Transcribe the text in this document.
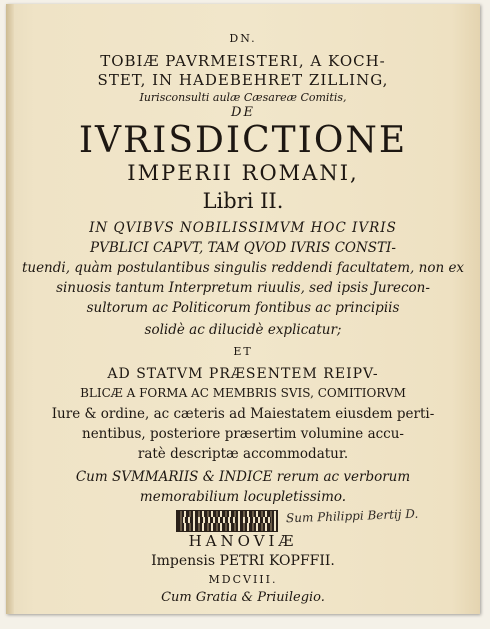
DN.
TOBIÆ PAVRMEISTERI, A KOCH-
STET, IN HADEBEHRET ZILLING,
Iurisconsulti aulæ Cæsareæ Comitis,
DE
IVRISDICTIONE
IMPERII ROMANI,
Libri II.
IN QVIBVS NOBILISSIMVM HOC IVRIS
PVBLICI CAPVT, TAM QVOD IVRIS CONSTI-
tuendi, quàm postulantibus singulis reddendi facultatem, non ex
sinuosis tantum Interpretum riuulis, sed ipsis Jurecon-
sultorum ac Politicorum fontibus ac principiis
solidè ac dilucidè explicatur;
ET
AD STATVM PRÆSENTEM REIPV-
BLICÆ A FORMA AC MEMBRIS SVIS, COMITIORVM
Iure & ordine, ac cæteris ad Maiestatem eiusdem perti-
nentibus, posteriore præsertim volumine accu-
ratè descriptæ accommodatur.
Cum SVMMARIIS & INDICE rerum ac verborum
memorabilium locupletissimo.
Sum Philippi Bertij D.
HANOVIÆ
Impensis PETRI KOPFFII.
MDCVIII.
Cum Gratia & Priuilegio.
